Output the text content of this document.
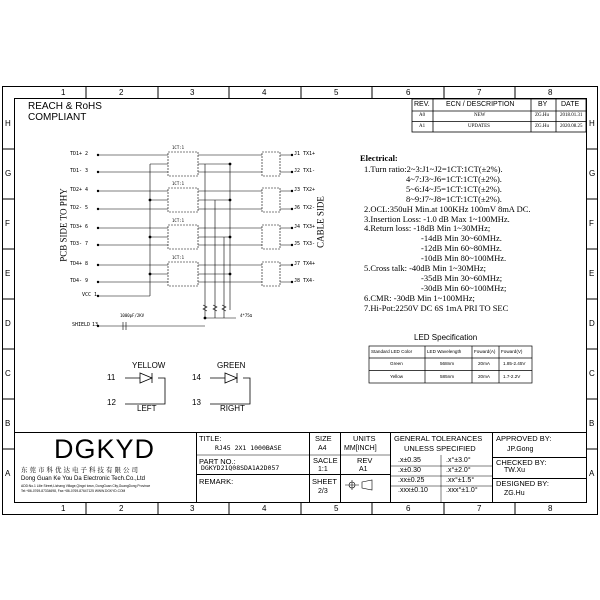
1
1
2
2
3
3
4
4
5
5
6
6
7
7
8
8
H	H
G	G
F	F
E	E
D	D
C	C
B	B
A	A
REACH & RoHS
COMPLIANT
REV. ECN / DESCRIPTION	BY DATE
A0	NEW	ZG.Hu 2018.01.31
A1	UPDATES	ZG.Hu 2020.08.25
PCB SIDE TO PHY	CABLE SIDE
TD1+ 2
TD1- 3
TD2+ 4
TD2- 5
TD3+ 6
TD3- 7
TD4+ 8
TD4- 9
VCC 1
J1 TX1+
J2 TX1-
J3 TX2+
J6 TX2-
J4 TX3+
J5 TX3-
J7 TX4+
J8 TX4-
1CT:1
1CT:1
1CT:1
1CT:1
SHIELD 13
1000pF/2KV	4*75Ω
YELLOW
11
12
LEFT
GREEN
14
13
RIGHT
Electrical:
1.Turn ratio:2~3:J1~J2=1CT:1CT(±2%).
4~7:J3~J6=1CT:1CT(±2%).
5~6:J4~J5=1CT:1CT(±2%).
8~9:J7~J8=1CT:1CT(±2%).
2.OCL:350uH Min.at 100KHz 100mV 8mA DC.
3.Insertion Loss: -1.0 dB Max 1~100MHz.
4.Return loss: -18dB Min 1~30MHz;
-14dB Min 30~60MHz.
-12dB Min 60~80MHz.
-10dB Min 80~100MHz.
5.Cross talk: -40dB Min 1~30MHz;
-35dB Min 30~60MHz;
-30dB Min 60~100MHz;
6.CMR: -30dB Min 1~100MHz;
7.Hi-Pot:2250V DC 6S 1mA PRI TO SEC
LED Specification
Standard LED Color	LED Wavelength	Foward(A) Foward(V)
Green	568nm	20mA	1.85-2.45V
Yellow	585nm	20mA	1.7-2.2V
DGKYD
东莞市科优达电子科技有限公司
Dong Guan Ke You Da Electronic Tech.Co.,Ltd
ADD:No.1 Lilie Street,Lizhang Village,Qingxi town, DongGuan City,GuangDong Province
Tel:+86-0769-87334698, Fax:+86-0769-87647125 WWW.DGKYD.COM
TITLE:
RJ45 2X1 1000BASE
PART NO.:
DGKYD21Q08SDA1A2D057
REMARK:
SIZE
A4
SACLE
1:1
SHEET
2/3
UNITS
MM[INCH]
REV
A1
GENERAL TOLERANCES
UNLESS SPECIFIED
.x±0.35	.x°±3.0°
.x±0.30	.x°±2.0°
.xx±0.25	.xx°±1.5°
.xxx±0.10	.xxx°±1.0°
APPROVED BY:
JP.Gong
CHECKED BY:
TW.Xu
DESIGNED BY:
ZG.Hu
